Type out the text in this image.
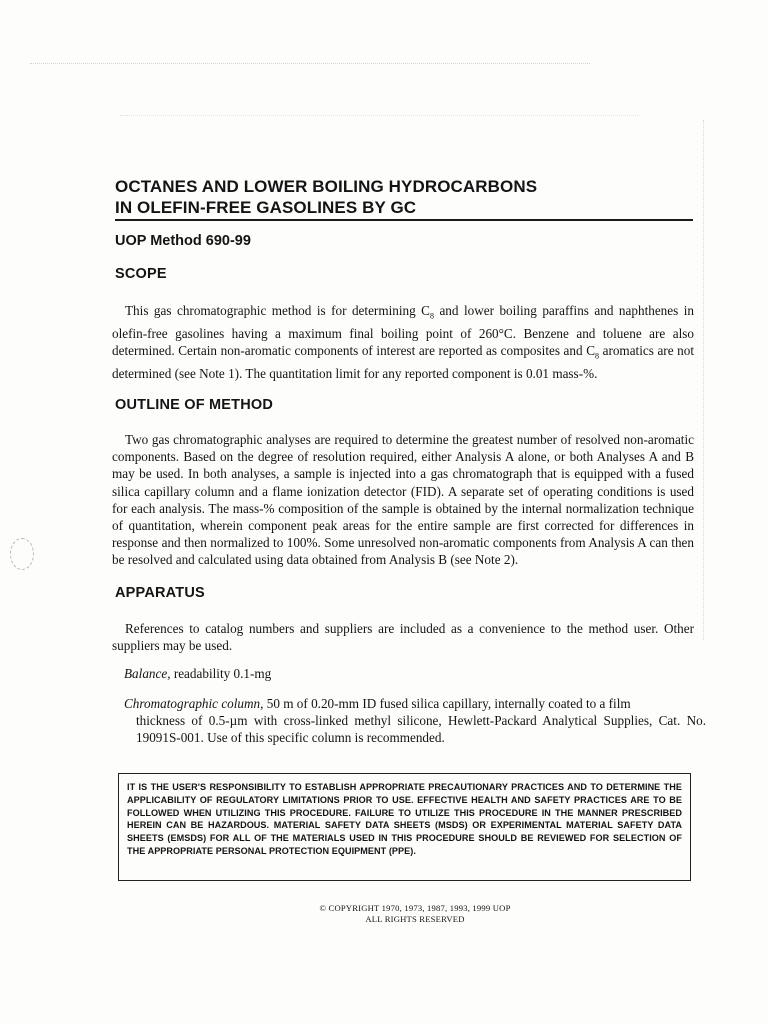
OCTANES AND LOWER BOILING HYDROCARBONS
IN OLEFIN-FREE GASOLINES BY GC
UOP Method 690-99
SCOPE

This gas chromatographic method is for determining $C_8$ and lower boiling paraffins and naphthenes in olefin-free gasolines having a maximum final boiling point of 260°C. Benzene and toluene are also determined. Certain non-aromatic components of interest are reported as composites and $C_8$ aromatics are not determined (see Note 1). The quantitation limit for any reported component is 0.01 mass-%.

OUTLINE OF METHOD

Two gas chromatographic analyses are required to determine the greatest number of resolved non-aromatic components. Based on the degree of resolution required, either Analysis A alone, or both Analyses A and B may be used. In both analyses, a sample is injected into a gas chromatograph that is equipped with a fused silica capillary column and a flame ionization detector (FID). A separate set of operating conditions is used for each analysis. The mass-% composition of the sample is obtained by the internal normalization technique of quantitation, wherein component peak areas for the entire sample are first corrected for differences in response and then normalized to 100%. Some unresolved non-aromatic components from Analysis A can then be resolved and calculated using data obtained from Analysis B (see Note 2).

APPARATUS

References to catalog numbers and suppliers are included as a convenience to the method user. Other suppliers may be used.

Balance, readability 0.1-mg

Chromatographic column, 50 m of 0.20-mm ID fused silica capillary, internally coated to a film
thickness of 0.5-µm with cross-linked methyl silicone, Hewlett-Packard Analytical Supplies, Cat. No. 19091S-001. Use of this specific column is recommended.

IT IS THE USER'S RESPONSIBILITY TO ESTABLISH APPROPRIATE PRECAUTIONARY PRACTICES AND TO DETERMINE THE APPLICABILITY OF REGULATORY LIMITATIONS PRIOR TO USE. EFFECTIVE HEALTH AND SAFETY PRACTICES ARE TO BE FOLLOWED WHEN UTILIZING THIS PROCEDURE. FAILURE TO UTILIZE THIS PROCEDURE IN THE MANNER PRESCRIBED HEREIN CAN BE HAZARDOUS. MATERIAL SAFETY DATA SHEETS (MSDS) OR EXPERIMENTAL MATERIAL SAFETY DATA SHEETS (EMSDS) FOR ALL OF THE MATERIALS USED IN THIS PROCEDURE SHOULD BE REVIEWED FOR SELECTION OF THE APPROPRIATE PERSONAL PROTECTION EQUIPMENT (PPE).

© COPYRIGHT 1970, 1973, 1987, 1993, 1999 UOP
ALL RIGHTS RESERVED
